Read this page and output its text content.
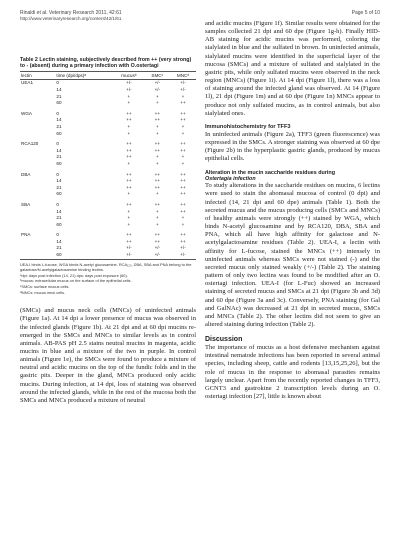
Rinaldi et al. Veterinary Research 2011, 42:61
http://www.veterinaryresearch.org/content/42/1/61
Page 5 of 10

Table 2 Lectin staining, subjectively described from ++ (very strong) to - (absent) during a primary infection with O.ostertagi

lectin	time (dpi/dps)ᵃ	mucusᵇ	SMCᶜ	MNCᵈ
UEA1	0	+/-	+/-	+/-
	14	+/-	+/-	+/-
	21	+	+	+
	60	+	+	++

WGA	0	++	++	++
	14	++	++	++
	21	+	+	+
	60	+	+	+

RCA120	0	++	++	++
	14	++	++	++
	21	++	+	+
	60	+	+	+

DBA	0	++	++	++
	14	++	++	++
	21	++	++	++
	60	+	+	++

SBA	0	++	++	++
	14	+	+	++
	21	+	+	+
	60	+	+	+

PNA	0	++	++	++
	14	++	++	++
	21	+/-	+/-	+/-
	60	+/-	+/-	+/-

UEA-I binds L-fucose, WGA binds N-acetyl glucosamine, RCA₁₂₀, DBA, SBA and PNA belong to the galactose/N-acetylgalactosamine binding lectins.

ᵃdpi: days post infection (14, 21) dps: days post exposure (60).

ᵇmucus: extracellular mucus on the surface of the epithelial cells.

ᶜSMCs: surface mucus cells.

ᵈMNCs: mucus neck cells.

(SMCs) and mucus neck cells (MNCs) of uninfected animals (Figure 1a). At 14 dpi a lower presence of mucus was observed in the infected glands (Figure 1b). At 21 dpi and at 60 dpi mucins re-emerged in the SMCs and MNCs to similar levels as in control animals. AB-PAS pH 2.5 stains neutral mucins in magenta, acidic mucins in blue and a mixture of the two in purple. In control animals (Figure 1e), the SMCs were found to produce a mixture of neutral and acidic mucins on the top of the fundic folds and in the gastric pits. Deeper in the gland, MNCs produced only acidic mucins. During infection, at 14 dpi, loss of staining was observed around the infected glands, while in the rest of the mucosa both the SMCs and MNCs produced a mixture of neutral

and acidic mucins (Figure 1f). Similar results were obtained for the samples collected 21 dpi and 60 dpe (Figure 1g-h). Finally HID-AB staining for acidic mucins was performed, coloring the sialylated in blue and the sulfated in brown. In uninfected animals, sialylated mucins were identified in the superficial layer of the mucosa (SMCs) and a mixture of sulfated and sialylated in the gastric pits, while only sulfated mucins were observed in the neck region (MNCs) (Figure 1i). At 14 dpi (Figure 1l), there was a loss of staining around the infected gland was observed. At 14 (Figure 1l), 21 dpi (Figure 1m) and at 60 dpe (Figure 1n) MNCs appear to produce not only sulfated mucins, as in control animals, but also sialylated ones.

Immunohistochemistry for TFF3

In uninfected animals (Figure 2a), TFF3 (green fluorescence) was expressed in the SMCs. A stronger staining was observed at 60 dpe (Figure 2b) in the hyperplastic gastric glands, produced by mucus epithelial cells.

Alteration in the mucin saccharide residues during
Ostertagia infection

To study alterations in the saccharide residues on mucins, 6 lectins were used to stain the abomasal mucosa of control (0 dpi) and infected (14, 21 dpi and 60 dpe) animals (Table 1). Both the secreted mucus and the mucus producing cells (SMCs and MNCs) of healthy animals were strongly (++) stained by WGA, which binds N-acetyl glucosamine and by RCA120, DBA, SBA and PNA, which all have high affinity for galactose and N-acetylgalactosamine residues (Table 2). UEA-I, a lectin with affinity for L-fucose, stained the MNCs (++) intensely in uninfected animals whereas SMCs were not stained (-) and the secreted mucus only stained weakly (+/-) (Table 2). The staining pattern of only two lectins was found to be modified after an O. ostertagi infection. UEA-I (for L-Fuc) showed an increased staining of secreted mucus and SMCs at 21 dpi (Figure 3b and 3d) and 60 dpe (Figure 3a and 3c). Conversely, PNA staining (for Gal and GalNAc) was decreased at 21 dpi in secreted mucus, SMCs and MNCs (Table 2). The other lectins did not seem to give an altered staining during infection (Table 2).

Discussion

The importance of mucus as a host defensive mechanism against intestinal nematode infections has been reported in several animal species, including sheep, cattle and rodents [13,15,25,26], but the role of mucus in the response to abomasal parasites remains largely unclear. Apart from the recently reported changes in TFF3, GCNT3 and gastrokine 2 transcription levels during an O. ostertagi infection [27], little is known about
